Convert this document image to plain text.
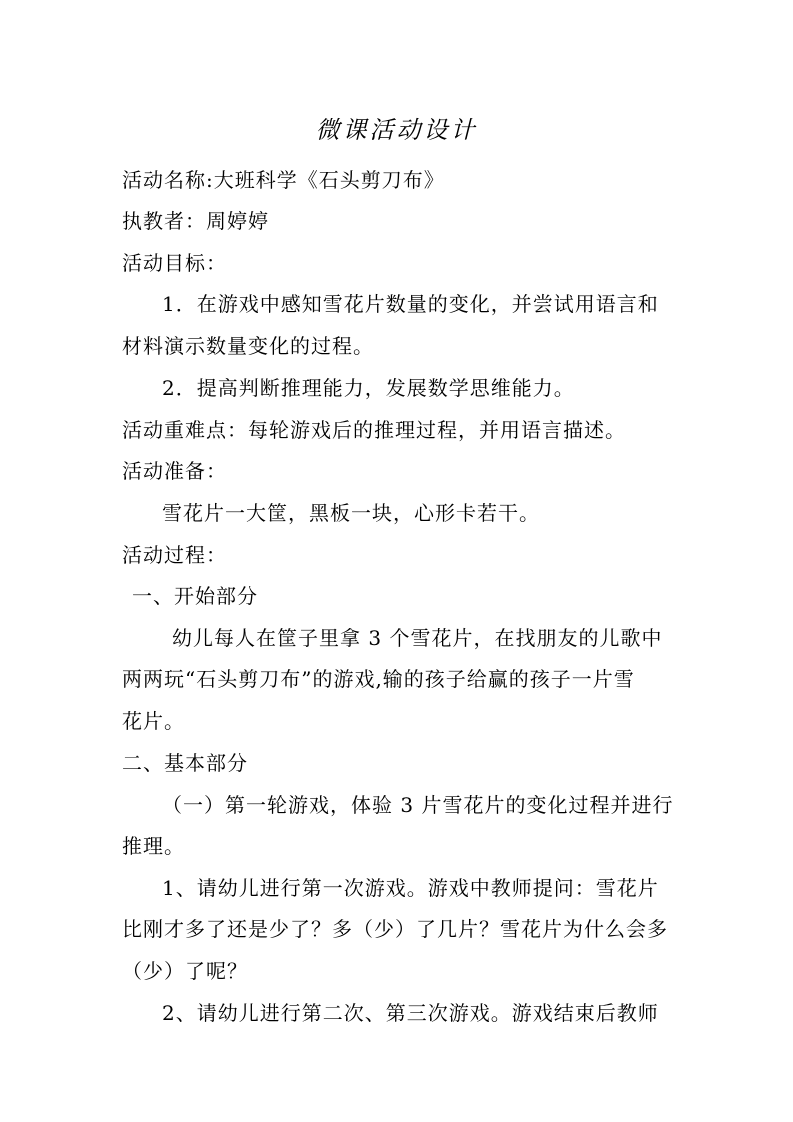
微课活动设计
活动名称:大班科学《石头剪刀布》
执教者：周婷婷
活动目标：
1．在游戏中感知雪花片数量的变化，并尝试用语言和
材料演示数量变化的过程。
2．提高判断推理能力，发展数学思维能力。
活动重难点：每轮游戏后的推理过程，并用语言描述。
活动准备：
雪花片一大筐，黑板一块，心形卡若干。
活动过程：
一、开始部分
幼儿每人在筐子里拿 3 个雪花片，在找朋友的儿歌中
两两玩“石头剪刀布”的游戏,输的孩子给赢的孩子一片雪
花片。
二、基本部分
（一）第一轮游戏，体验 3 片雪花片的变化过程并进行
推理。
1、请幼儿进行第一次游戏。游戏中教师提问：雪花片
比刚才多了还是少了？多（少）了几片？雪花片为什么会多
（少）了呢？
2、请幼儿进行第二次、第三次游戏。游戏结束后教师
